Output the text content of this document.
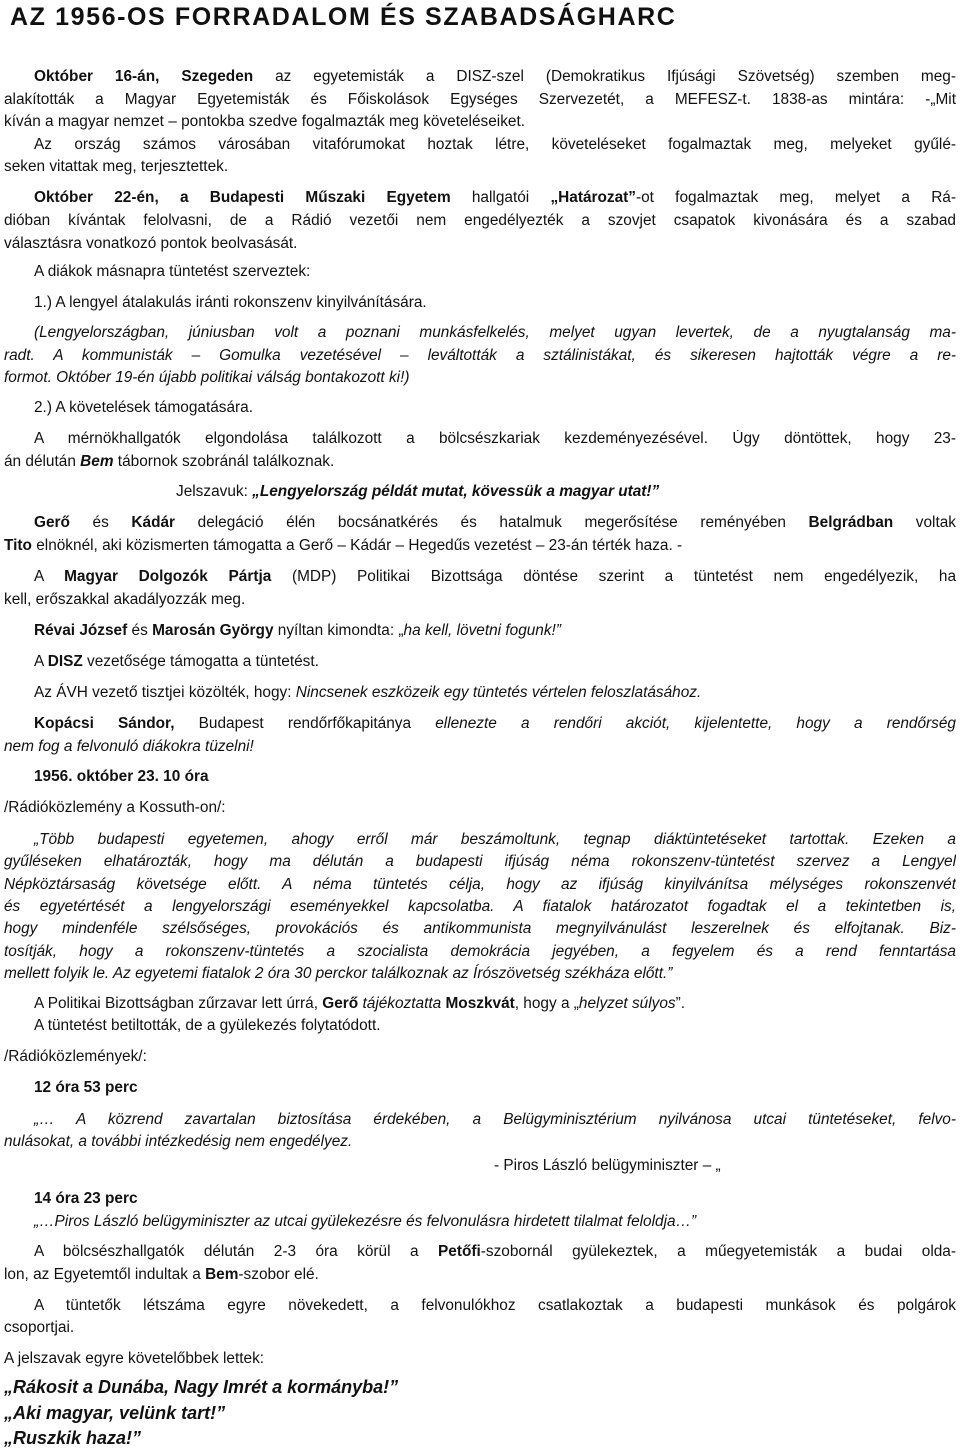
AZ 1956-OS FORRADALOM ÉS SZABADSÁGHARC
Október 16-án, Szegeden az egyetemisták a DISZ-szel (Demokratikus Ifjúsági Szövetség) szemben meg-
alakították a Magyar Egyetemisták és Főiskolások Egységes Szervezetét, a MEFESZ-t. 1838-as mintára: -„Mit
kíván a magyar nemzet – pontokba szedve fogalmazták meg követeléseiket.
Az ország számos városában vitafórumokat hoztak létre, követeléseket fogalmaztak meg, melyeket gyűlé-
seken vitattak meg, terjesztettek.
Október 22-én, a Budapesti Műszaki Egyetem hallgatói „Határozat”-ot fogalmaztak meg, melyet a Rá-
dióban kívántak felolvasni, de a Rádió vezetői nem engedélyezték a szovjet csapatok kivonására és a szabad
választásra vonatkozó pontok beolvasását.
A diákok másnapra tüntetést szerveztek:
1.) A lengyel átalakulás iránti rokonszenv kinyilvánítására.
(Lengyelországban, júniusban volt a poznani munkásfelkelés, melyet ugyan levertek, de a nyugtalanság ma-
radt. A kommunisták – Gomulka vezetésével – leváltották a sztálinistákat, és sikeresen hajtották végre a re-
formot. Október 19-én újabb politikai válság bontakozott ki!)
2.) A követelések támogatására.
A mérnökhallgatók elgondolása találkozott a bölcsészkariak kezdeményezésével. Úgy döntöttek, hogy 23-
án délután Bem tábornok szobránál találkoznak.
Jelszavuk: „Lengyelország példát mutat, kövessük a magyar utat!”
Gerő és Kádár delegáció élén bocsánatkérés és hatalmuk megerősítése reményében Belgrádban voltak
Tito elnöknél, aki közismerten támogatta a Gerő – Kádár – Hegedűs vezetést – 23-án térték haza. -
A Magyar Dolgozók Pártja (MDP) Politikai Bizottsága döntése szerint a tüntetést nem engedélyezik, ha
kell, erőszakkal akadályozzák meg.
Révai József és Marosán György nyíltan kimondta: „ha kell, lövetni fogunk!”
A DISZ vezetősége támogatta a tüntetést.
Az ÁVH vezető tisztjei közölték, hogy: Nincsenek eszközeik egy tüntetés vértelen feloszlatásához.
Kopácsi Sándor, Budapest rendőrfőkapitánya ellenezte a rendőri akciót, kijelentette, hogy a rendőrség
nem fog a felvonuló diákokra tüzelni!
1956. október 23. 10 óra
/Rádióközlemény a Kossuth-on/:
„Több budapesti egyetemen, ahogy erről már beszámoltunk, tegnap diáktüntetéseket tartottak. Ezeken a
gyűléseken elhatározták, hogy ma délután a budapesti ifjúság néma rokonszenv-tüntetést szervez a Lengyel
Népköztársaság követsége előtt. A néma tüntetés célja, hogy az ifjúság kinyilvánítsa mélységes rokonszenvét
és egyetértését a lengyelországi eseményekkel kapcsolatba. A fiatalok határozatot fogadtak el a tekintetben is,
hogy mindenféle szélsőséges, provokációs és antikommunista megnyilvánulást leszerelnek és elfojtanak. Biz-
tosítják, hogy a rokonszenv-tüntetés a szocialista demokrácia jegyében, a fegyelem és a rend fenntartása
mellett folyik le. Az egyetemi fiatalok 2 óra 30 perckor találkoznak az Írószövetség székháza előtt.”
A Politikai Bizottságban zűrzavar lett úrrá, Gerő tájékoztatta Moszkvát, hogy a „helyzet súlyos”.
A tüntetést betiltották, de a gyülekezés folytatódott.
/Rádióközlemények/:
12 óra 53 perc
„… A közrend zavartalan biztosítása érdekében, a Belügyminisztérium nyilvánosa utcai tüntetéseket, felvo-
nulásokat, a további intézkedésig nem engedélyez.
- Piros László belügyminiszter – „
14 óra 23 perc
„…Piros László belügyminiszter az utcai gyülekezésre és felvonulásra hirdetett tilalmat feloldja…”
A bölcsészhallgatók délután 2-3 óra körül a Petőfi-szobornál gyülekeztek, a műegyetemisták a budai olda-
lon, az Egyetemtől indultak a Bem-szobor elé.
A tüntetők létszáma egyre növekedett, a felvonulókhoz csatlakoztak a budapesti munkások és polgárok
csoportjai.
A jelszavak egyre követelőbbek lettek:
„Rákosit a Dunába, Nagy Imrét a kormányba!”
„Aki magyar, velünk tart!”
„Ruszkik haza!”
